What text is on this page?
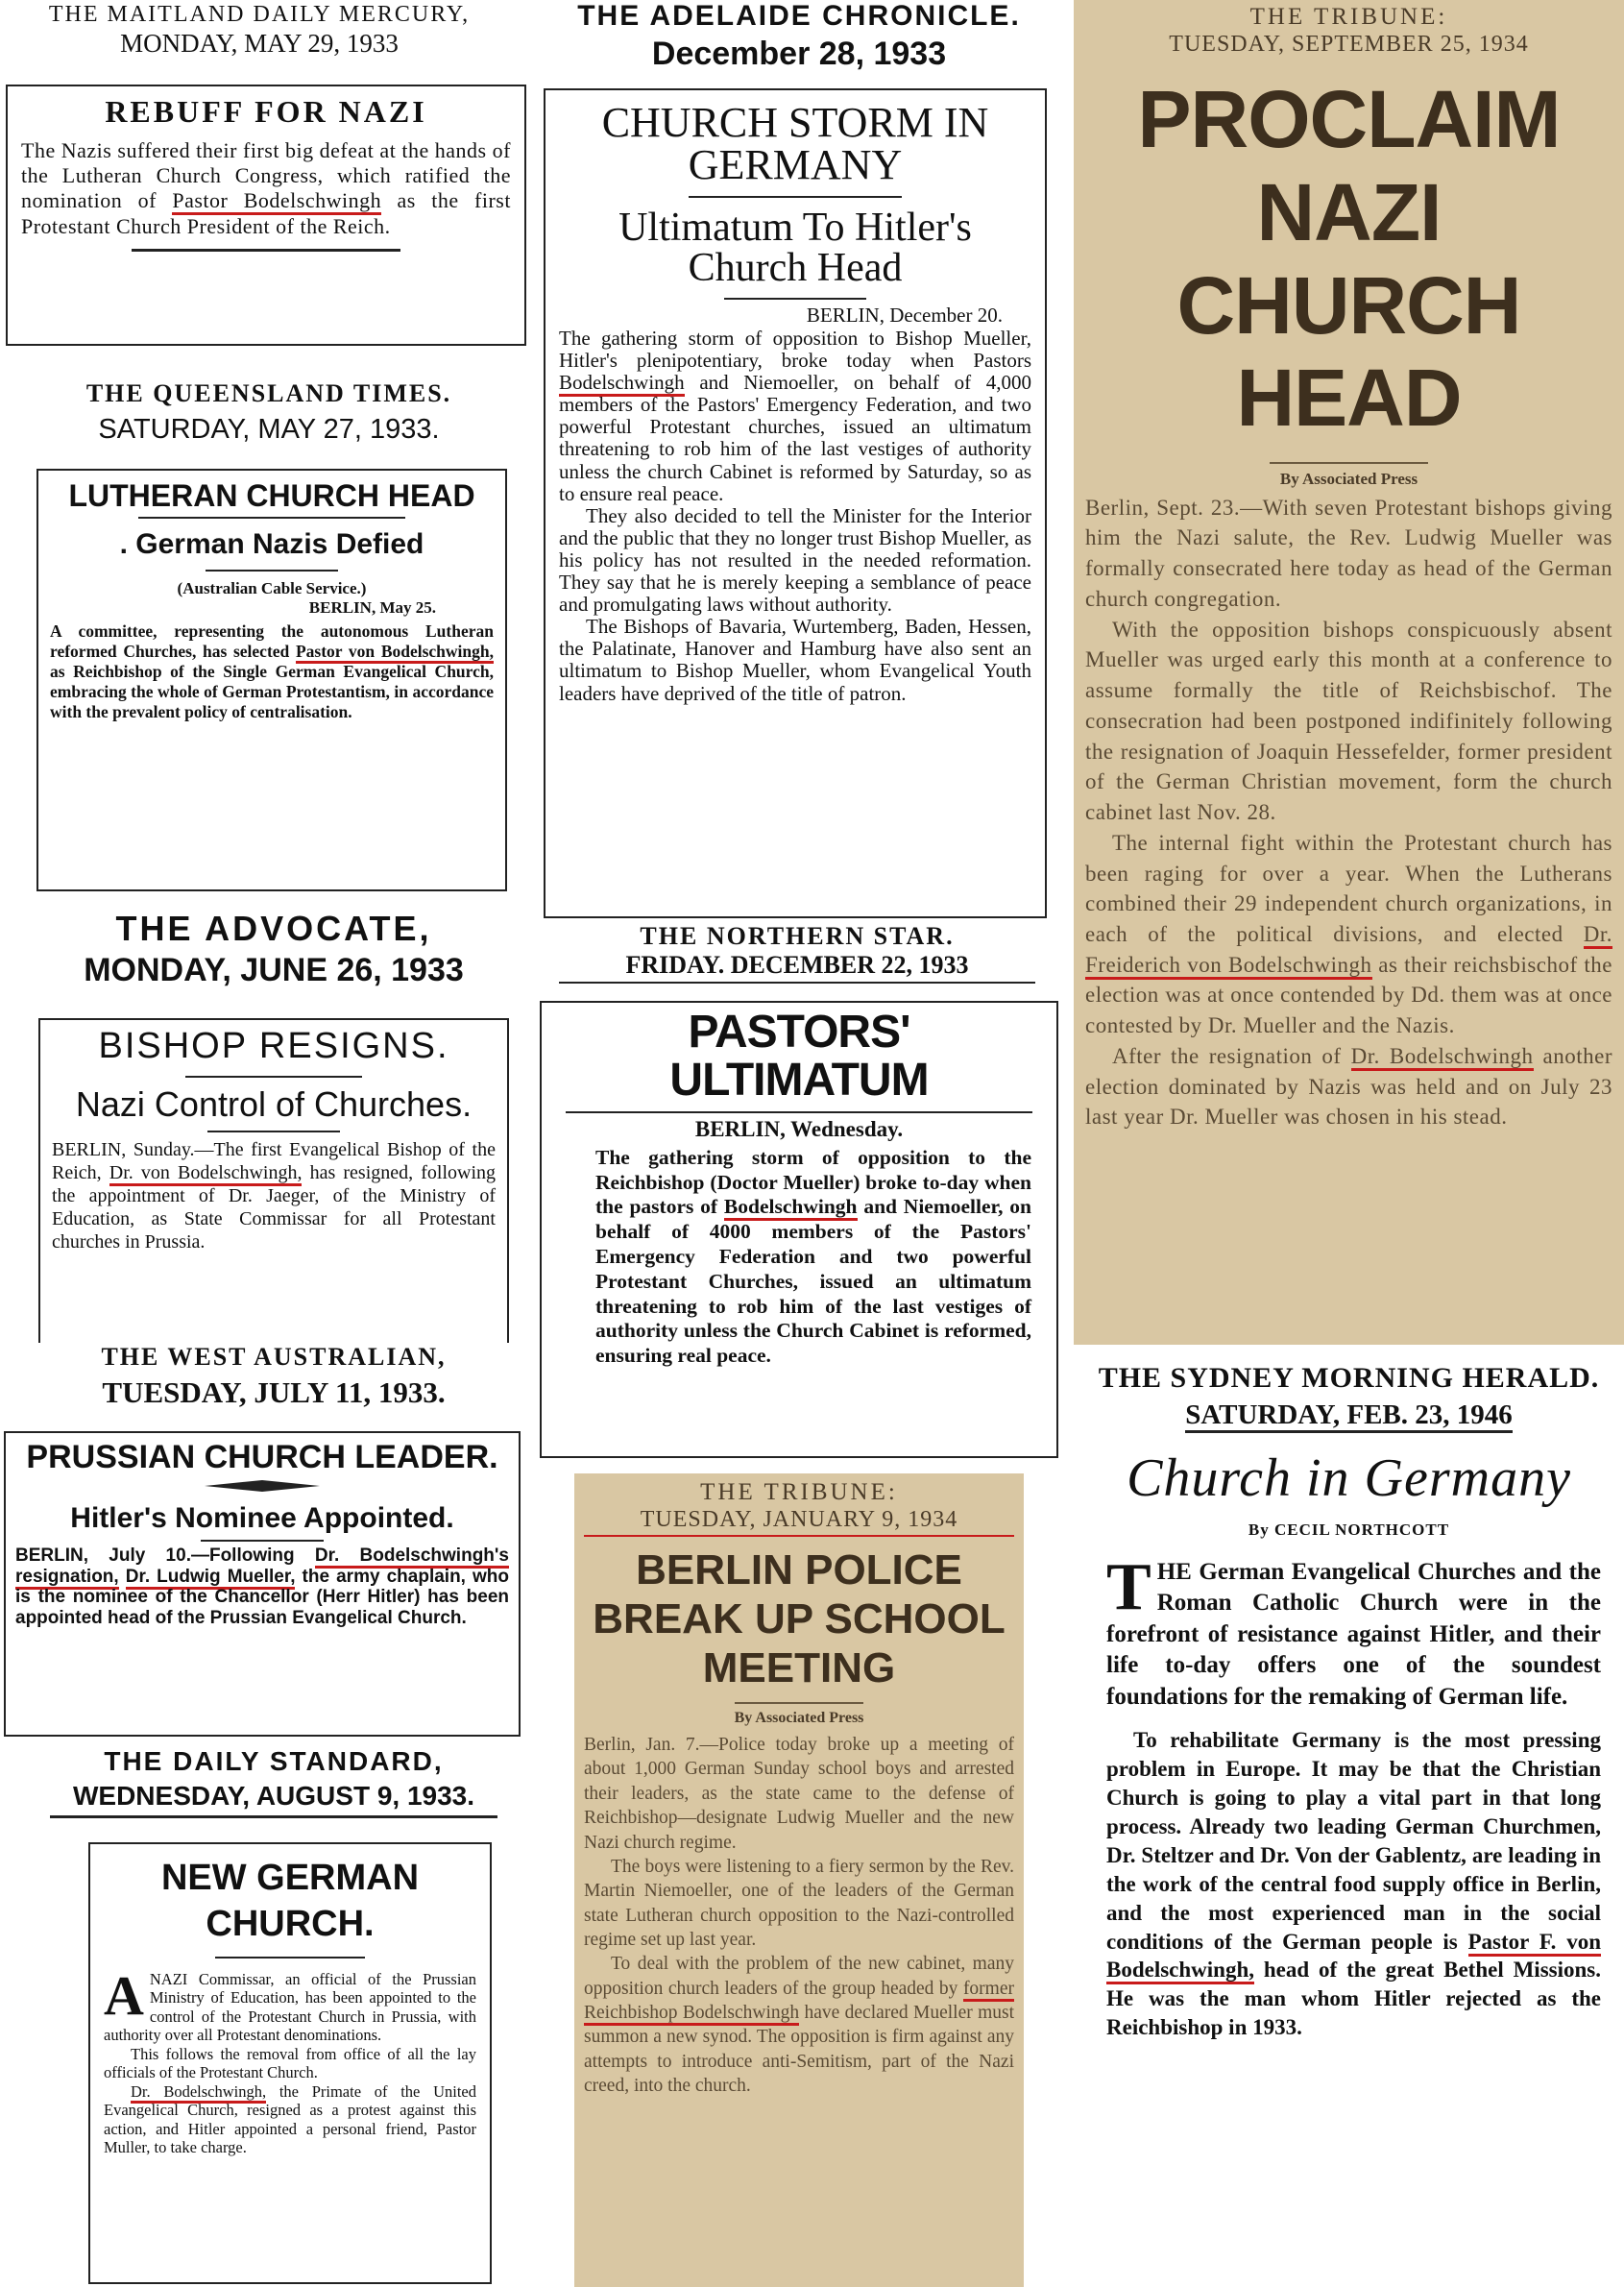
THE MAITLAND DAILY MERCURY,
MONDAY, MAY 29, 1933
REBUFF FOR NAZI
The Nazis suffered their first big defeat at the hands of the Lutheran Church Congress, which ratified the nomination of Pastor Bodelschwingh as the first Protestant Church President of the Reich.
THE QUEENSLAND TIMES.
SATURDAY, MAY 27, 1933.
LUTHERAN CHURCH HEAD
. German Nazis Defied
(Australian Cable Service.)
BERLIN, May 25.
A committee, representing the autonomous Lutheran reformed Churches, has selected Pastor von Bodelschwingh, as Reichbishop of the Single German Evangelical Church, embracing the whole of German Protestantism, in accordance with the prevalent policy of centralisation.
THE ADVOCATE,
MONDAY, JUNE 26, 1933
BISHOP RESIGNS.
Nazi Control of Churches.
BERLIN, Sunday.—The first Evangelical Bishop of the Reich, Dr. von Bodelschwingh, has resigned, following the appointment of Dr. Jaeger, of the Ministry of Education, as State Commissar for all Protestant churches in Prussia.
THE WEST AUSTRALIAN,
TUESDAY, JULY 11, 1933.
PRUSSIAN CHURCH LEADER.
Hitler's Nominee Appointed.
BERLIN, July 10.—Following Dr. Bodelschwingh's resignation, Dr. Ludwig Mueller, the army chaplain, who is the nominee of the Chancellor (Herr Hitler) has been appointed head of the Prussian Evangelical Church.
THE DAILY STANDARD,
WEDNESDAY, AUGUST 9, 1933.
NEW GERMAN CHURCH.

A NAZI Commissar, an official of the Prussian Ministry of Education, has been appointed to the control of the Protestant Church in Prussia, with authority over all Protestant denominations.

This follows the removal from office of all the lay officials of the Protestant Church.

Dr. Bodelschwingh, the Primate of the United Evangelical Church, resigned as a protest against this action, and Hitler appointed a personal friend, Pastor Muller, to take charge.

THE ADELAIDE CHRONICLE.
December 28, 1933
CHURCH STORM IN GERMANY
Ultimatum To Hitler's Church Head
BERLIN, December 20.

The gathering storm of opposition to Bishop Mueller, Hitler's plenipotentiary, broke today when Pastors Bodelschwingh and Niemoeller, on behalf of 4,000 members of the Pastors' Emergency Federation, and two powerful Protestant churches, issued an ultimatum threatening to rob him of the last vestiges of authority unless the church Cabinet is reformed by Saturday, so as to ensure real peace.

They also decided to tell the Minister for the Interior and the public that they no longer trust Bishop Mueller, as his policy has not resulted in the needed reformation. They say that he is merely keeping a semblance of peace and promulgating laws without authority.

The Bishops of Bavaria, Wurtemberg, Baden, Hessen, the Palatinate, Hanover and Hamburg have also sent an ultimatum to Bishop Mueller, whom Evangelical Youth leaders have deprived of the title of patron.

THE NORTHERN STAR.
FRIDAY. DECEMBER 22, 1933
PASTORS' ULTIMATUM
BERLIN, Wednesday.
The gathering storm of opposition to the Reichbishop (Doctor Mueller) broke to-day when the pastors of Bodelschwingh and Niemoeller, on behalf of 4000 members of the Pastors' Emergency Federation and two powerful Protestant Churches, issued an ultimatum threatening to rob him of the last vestiges of authority unless the Church Cabinet is reformed, ensuring real peace.
THE TRIBUNE:
TUESDAY, JANUARY 9, 1934
BERLIN POLICE BREAK UP SCHOOL MEETING
By Associated Press

Berlin, Jan. 7.—Police today broke up a meeting of about 1,000 German Sunday school boys and arrested their leaders, as the state came to the defense of Reichbishop—designate Ludwig Mueller and the new Nazi church regime.

The boys were listening to a fiery sermon by the Rev. Martin Niemoeller, one of the leaders of the German state Lutheran church opposition to the Nazi-controlled regime set up last year.

To deal with the problem of the new cabinet, many opposition church leaders of the group headed by former Reichbishop Bodelschwingh have declared Mueller must summon a new synod. The opposition is firm against any attempts to introduce anti-Semitism, part of the Nazi creed, into the church.

THE TRIBUNE:
TUESDAY, SEPTEMBER 25, 1934
PROCLAIM NAZI CHURCH HEAD
By Associated Press

Berlin, Sept. 23.—With seven Protestant bishops giving him the Nazi salute, the Rev. Ludwig Mueller was formally consecrated here today as head of the German church congregation.

With the opposition bishops conspicuously absent Mueller was urged early this month at a conference to assume formally the title of Reichsbischof. The consecration had been postponed indifinitely following the resignation of Joaquin Hessefelder, former president of the German Christian movement, form the church cabinet last Nov. 28.

The internal fight within the Protestant church has been raging for over a year. When the Lutherans combined their 29 independent church organizations, in each of the political divisions, and elected Dr. Freiderich von Bodelschwingh as their reichsbischof the election was at once contended by Dd. them was at once contested by Dr. Mueller and the Nazis.

After the resignation of Dr. Bodelschwingh another election dominated by Nazis was held and on July 23 last year Dr. Mueller was chosen in his stead.

THE SYDNEY MORNING HERALD.
SATURDAY, FEB. 23, 1946
Church in Germany
By CECIL NORTHCOTT

THE German Evangelical Churches and the Roman Catholic Church were in the forefront of resistance against Hitler, and their life to-day offers one of the soundest foundations for the remaking of German life.

To rehabilitate Germany is the most pressing problem in Europe. It may be that the Christian Church is going to play a vital part in that long process. Already two leading German Churchmen, Dr. Steltzer and Dr. Von der Gablentz, are leading in the work of the central food supply office in Berlin, and the most experienced man in the social conditions of the German people is Pastor F. von Bodelschwingh, head of the great Bethel Missions. He was the man whom Hitler rejected as the Reichbishop in 1933.
